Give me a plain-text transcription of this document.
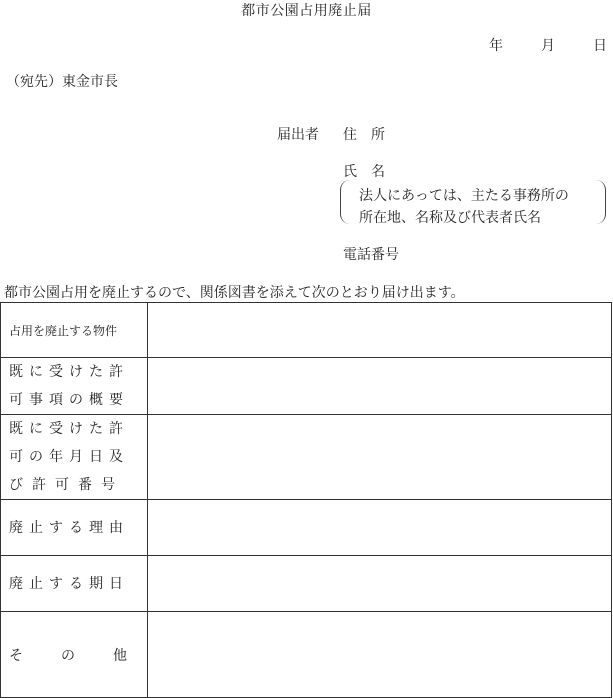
都市公園占用廃止届
年	月	日
（宛先）東金市長
届出者 住　所
氏　名
法人にあっては、主たる事務所の
所在地、名称及び代表者氏名
電話番号
都市公園占用を廃止するので、関係図書を添えて次のとおり届け出ます。
占用を廃止する物件	

既に受けた許
可事項の概要	

既に受けた許
可の年月日及
び許可番号	

廃止する理由	

廃止する期日	

そ の 他	
